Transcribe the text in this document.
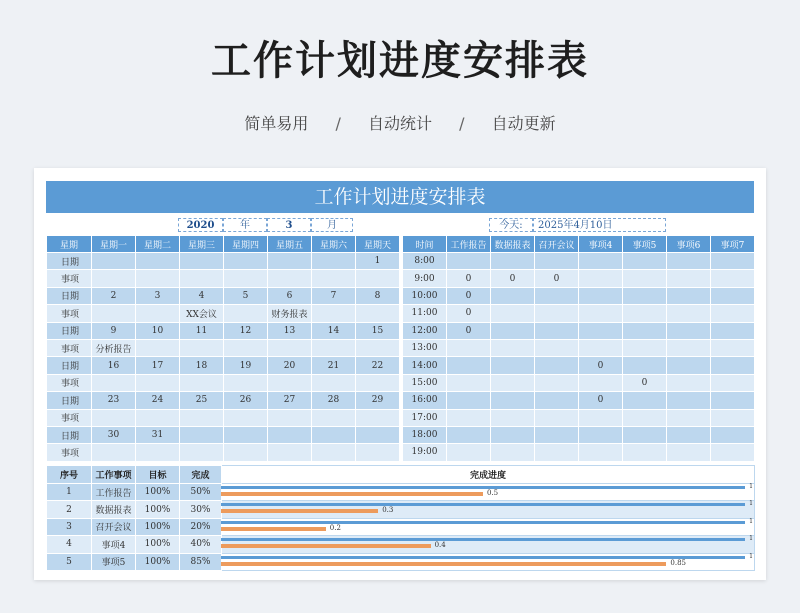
工作计划进度安排表
简单易用 / 自动统计 / 自动更新
工作计划进度安排表
2020	年	3	月	今天:	2025年4月10日
星期	星期一	星期二	星期三	星期四	星期五	星期六	星期天
日期							1
事项							
日期	2	3	4	5	6	7	8
事项			XX会议		财务报表		
日期	9	10	11	12	13	14	15
事项	分析报告						
日期	16	17	18	19	20	21	22
事项							
日期	23	24	25	26	27	28	29
事项							
日期	30	31					
事项							
时间	工作报告	数据报表	召开会议	事项4	事项5	事项6	事项7
8:00							
9:00	0	0	0				
10:00	0						
11:00	0						
12:00	0						
13:00							
14:00				0			
15:00					0		
16:00				0			
17:00							
18:00							
19:00							
序号	工作事项	目标	完成	完成进度
1	工作报告	100%	50%	
2	数据报表	100%	30%	
3	召开会议	100%	20%	
4	事项4	100%	40%	
5	事项5	100%	85%	
1
0.5
1
0.3
1
0.2
1
0.4
1
0.85
